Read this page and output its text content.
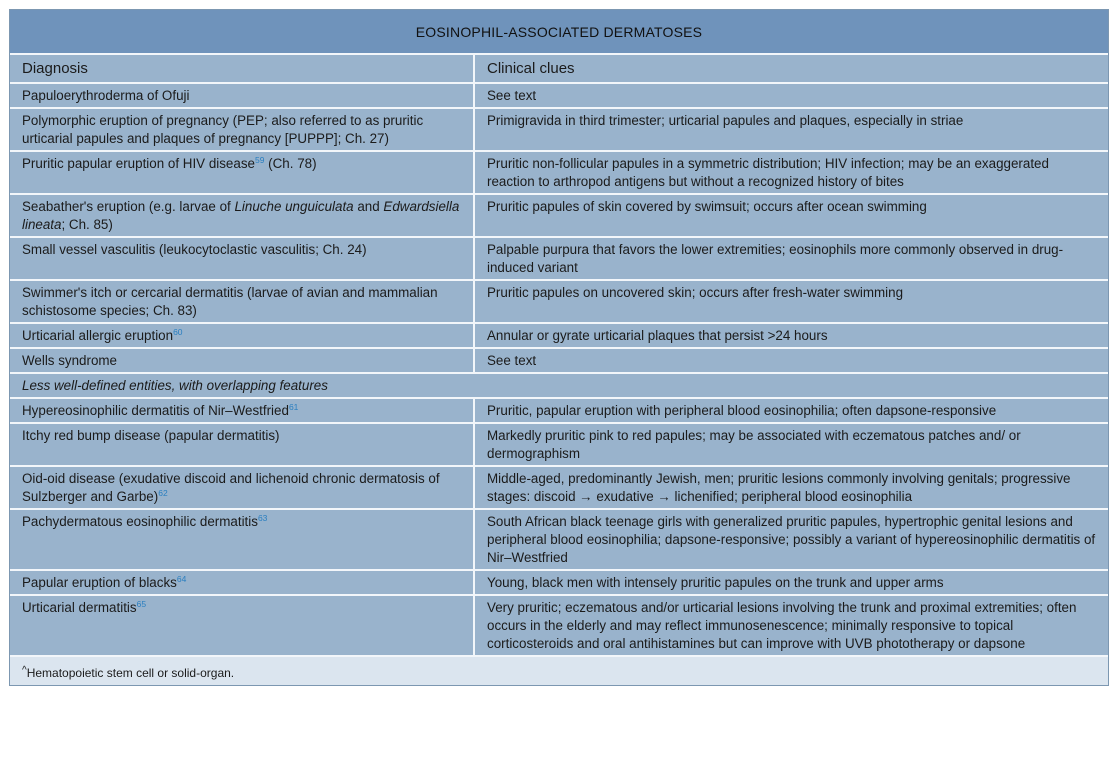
EOSINOPHIL-ASSOCIATED DERMATOSES
Diagnosis	Clinical clues
Papuloerythroderma of Ofuji	See text
Polymorphic eruption of pregnancy (PEP; also referred to as pruritic urticarial papules and plaques of pregnancy [PUPPP]; Ch. 27)	Primigravida in third trimester; urticarial papules and plaques, especially in striae
Pruritic papular eruption of HIV disease$^{59}$ (Ch. 78)	Pruritic non-follicular papules in a symmetric distribution; HIV infection; may be an exaggerated reaction to arthropod antigens but without a recognized history of bites
Seabather's eruption (e.g. larvae of Linuche unguiculata and Edwardsiella lineata; Ch. 85)	Pruritic papules of skin covered by swimsuit; occurs after ocean swimming
Small vessel vasculitis (leukocytoclastic vasculitis; Ch. 24)	Palpable purpura that favors the lower extremities; eosinophils more commonly observed in drug-induced variant
Swimmer's itch or cercarial dermatitis (larvae of avian and mammalian schistosome species; Ch. 83)	Pruritic papules on uncovered skin; occurs after fresh-water swimming
Urticarial allergic eruption$^{60}$	Annular or gyrate urticarial plaques that persist >24 hours
Wells syndrome	See text
Less well-defined entities, with overlapping features	
Hypereosinophilic dermatitis of Nir–Westfried$^{61}$	Pruritic, papular eruption with peripheral blood eosinophilia; often dapsone-responsive
Itchy red bump disease (papular dermatitis)	Markedly pruritic pink to red papules; may be associated with eczematous patches and/ or dermographism
Oid-oid disease (exudative discoid and lichenoid chronic dermatosis of Sulzberger and Garbe)$^{62}$	Middle-aged, predominantly Jewish, men; pruritic lesions commonly involving genitals; progressive stages: discoid → exudative → lichenified; peripheral blood eosinophilia
Pachydermatous eosinophilic dermatitis$^{63}$	South African black teenage girls with generalized pruritic papules, hypertrophic genital lesions and peripheral blood eosinophilia; dapsone-responsive; possibly a variant of hypereosinophilic dermatitis of Nir–Westfried
Papular eruption of blacks$^{64}$	Young, black men with intensely pruritic papules on the trunk and upper arms
Urticarial dermatitis$^{65}$	Very pruritic; eczematous and/or urticarial lesions involving the trunk and proximal extremities; often occurs in the elderly and may reflect immunosenescence; minimally responsive to topical corticosteroids and oral antihistamines but can improve with UVB phototherapy or dapsone
^Hematopoietic stem cell or solid-organ.
